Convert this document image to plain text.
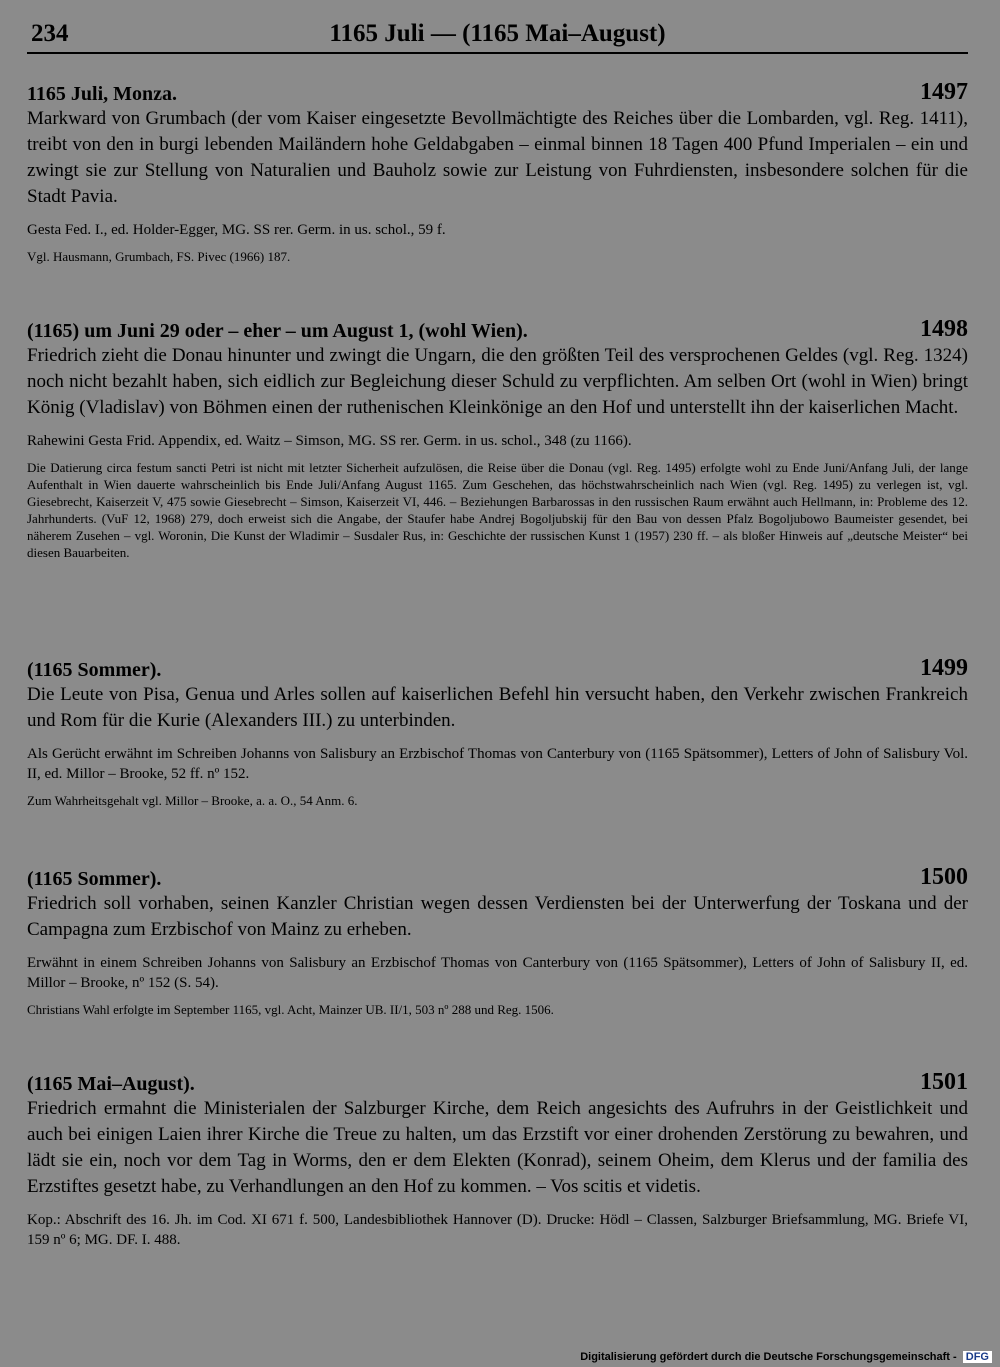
234	1165 Juli — (1165 Mai–August)
1165 Juli, Monza.	1497

Markward von Grumbach (der vom Kaiser eingesetzte Bevollmächtigte des Reiches über die Lombarden, vgl. Reg. 1411), treibt von den in burgi lebenden Mailändern hohe Geldabgaben – einmal binnen 18 Tagen 400 Pfund Imperialen – ein und zwingt sie zur Stellung von Naturalien und Bauholz sowie zur Leistung von Fuhrdiensten, insbesondere solchen für die Stadt Pavia.

Gesta Fed. I., ed. Holder-Egger, MG. SS rer. Germ. in us. schol., 59 f.

Vgl. Hausmann, Grumbach, FS. Pivec (1966) 187.

(1165) um Juni 29 oder – eher – um August 1, (wohl Wien).	1498

Friedrich zieht die Donau hinunter und zwingt die Ungarn, die den größten Teil des versprochenen Geldes (vgl. Reg. 1324) noch nicht bezahlt haben, sich eidlich zur Begleichung dieser Schuld zu verpflichten. Am selben Ort (wohl in Wien) bringt König (Vladislav) von Böhmen einen der ruthenischen Kleinkönige an den Hof und unterstellt ihn der kaiserlichen Macht.

Rahewini Gesta Frid. Appendix, ed. Waitz – Simson, MG. SS rer. Germ. in us. schol., 348 (zu 1166).

Die Datierung circa festum sancti Petri ist nicht mit letzter Sicherheit aufzulösen, die Reise über die Donau (vgl. Reg. 1495) erfolgte wohl zu Ende Juni/Anfang Juli, der lange Aufenthalt in Wien dauerte wahrscheinlich bis Ende Juli/Anfang August 1165. Zum Geschehen, das höchstwahrscheinlich nach Wien (vgl. Reg. 1495) zu verlegen ist, vgl. Giesebrecht, Kaiserzeit V, 475 sowie Giesebrecht – Simson, Kaiserzeit VI, 446. – Beziehungen Barbarossas in den russischen Raum erwähnt auch Hellmann, in: Probleme des 12. Jahrhunderts. (VuF 12, 1968) 279, doch erweist sich die Angabe, der Staufer habe Andrej Bogoljubskij für den Bau von dessen Pfalz Bogoljubowo Baumeister gesendet, bei näherem Zusehen – vgl. Woronin, Die Kunst der Wladimir – Susdaler Rus, in: Geschichte der russischen Kunst 1 (1957) 230 ff. – als bloßer Hinweis auf „deutsche Meister“ bei diesen Bauarbeiten.

(1165 Sommer).	1499

Die Leute von Pisa, Genua und Arles sollen auf kaiserlichen Befehl hin versucht haben, den Verkehr zwischen Frankreich und Rom für die Kurie (Alexanders III.) zu unterbinden.

Als Gerücht erwähnt im Schreiben Johanns von Salisbury an Erzbischof Thomas von Canterbury von (1165 Spätsommer), Letters of John of Salisbury Vol. II, ed. Millor – Brooke, 52 ff. nº 152.

Zum Wahrheitsgehalt vgl. Millor – Brooke, a. a. O., 54 Anm. 6.

(1165 Sommer).	1500

Friedrich soll vorhaben, seinen Kanzler Christian wegen dessen Verdiensten bei der Unterwerfung der Toskana und der Campagna zum Erzbischof von Mainz zu erheben.

Erwähnt in einem Schreiben Johanns von Salisbury an Erzbischof Thomas von Canterbury von (1165 Spätsommer), Letters of John of Salisbury II, ed. Millor – Brooke, nº 152 (S. 54).

Christians Wahl erfolgte im September 1165, vgl. Acht, Mainzer UB. II/1, 503 nº 288 und Reg. 1506.

(1165 Mai–August).	1501

Friedrich ermahnt die Ministerialen der Salzburger Kirche, dem Reich angesichts des Aufruhrs in der Geistlichkeit und auch bei einigen Laien ihrer Kirche die Treue zu halten, um das Erzstift vor einer drohenden Zerstörung zu bewahren, und lädt sie ein, noch vor dem Tag in Worms, den er dem Elekten (Konrad), seinem Oheim, dem Klerus und der familia des Erzstiftes gesetzt habe, zu Verhandlungen an den Hof zu kommen. – Vos scitis et videtis.

Kop.: Abschrift des 16. Jh. im Cod. XI 671 f. 500, Landesbibliothek Hannover (D). Drucke: Hödl – Classen, Salzburger Briefsammlung, MG. Briefe VI, 159 nº 6; MG. DF. I. 488.

Digitalisierung gefördert durch die Deutsche Forschungsgemeinschaft - DFG
